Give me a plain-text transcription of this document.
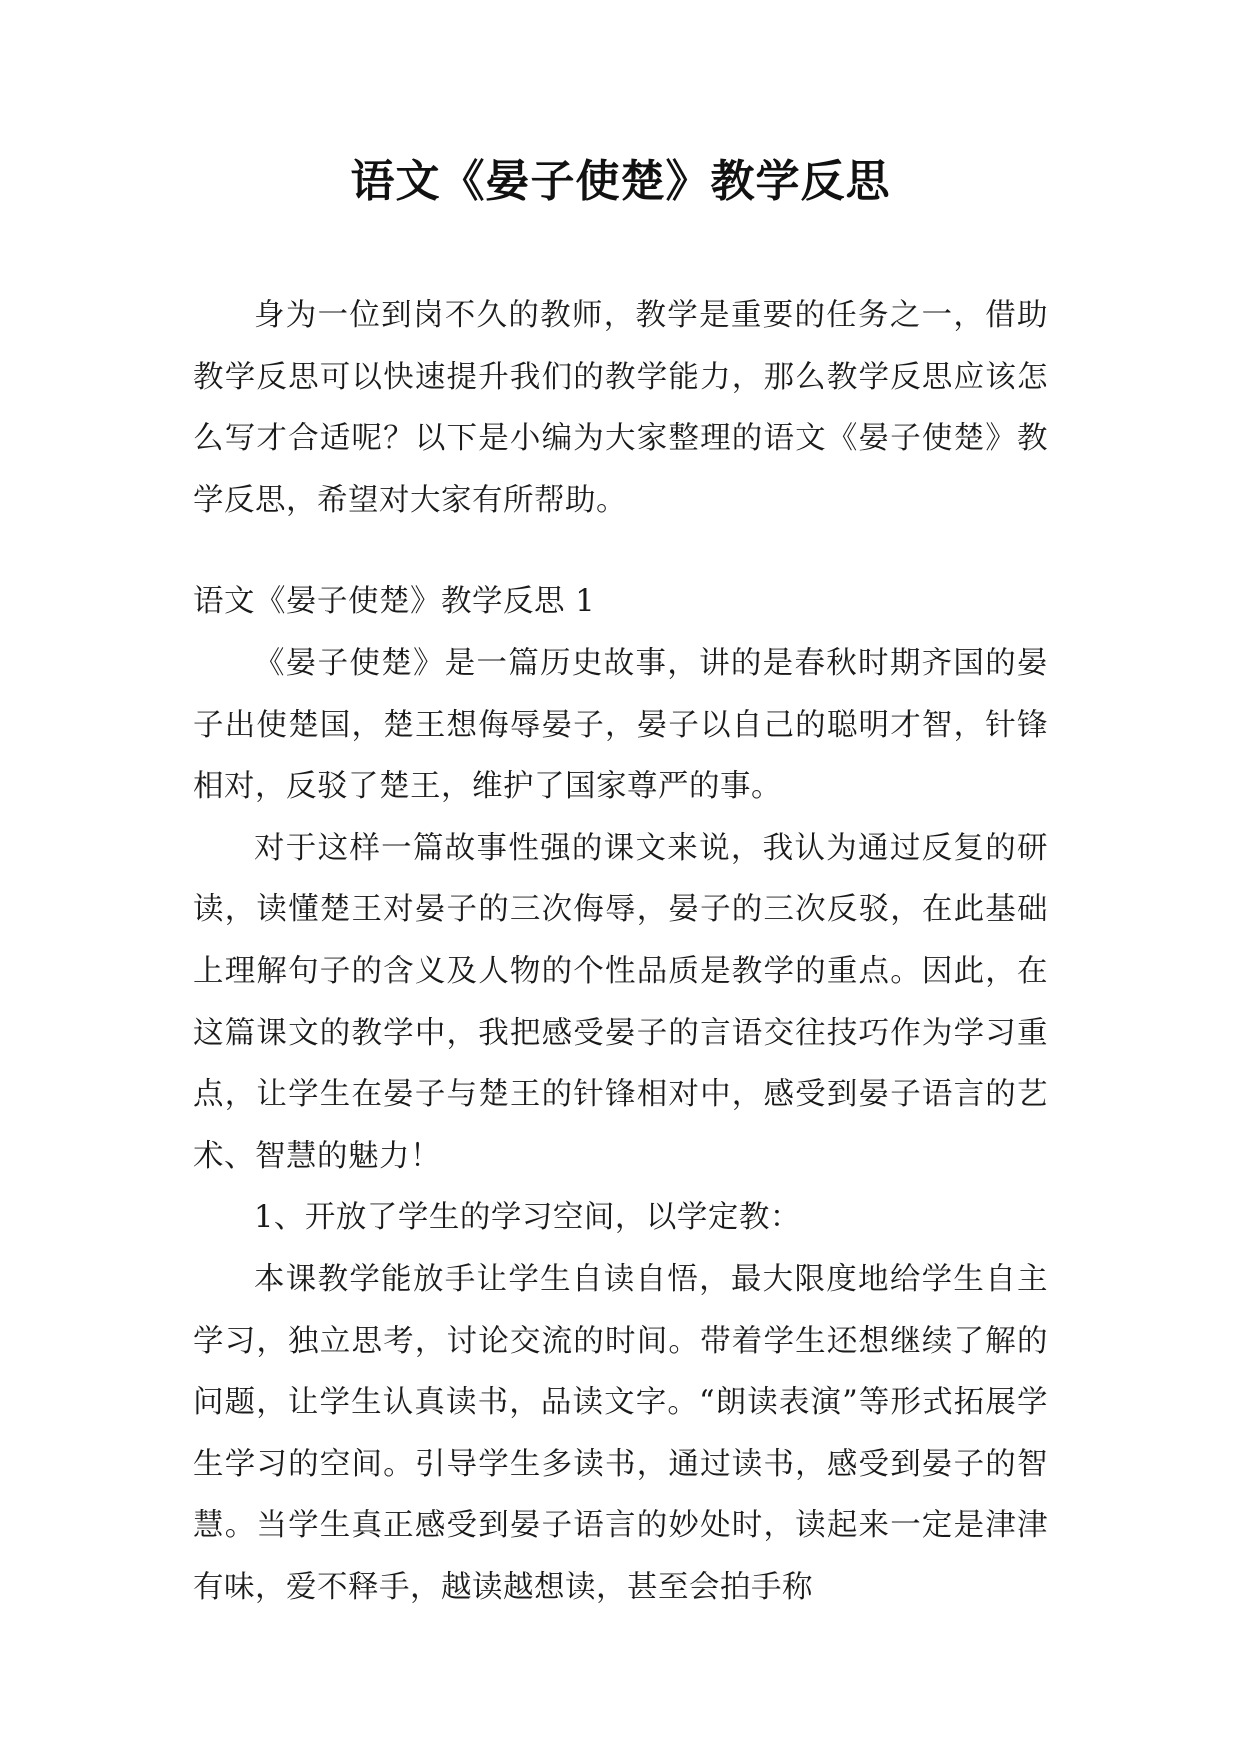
语文《晏子使楚》教学反思

身为一位到岗不久的教师，教学是重要的任务之一，借助教学反思可以快速提升我们的教学能力，那么教学反思应该怎么写才合适呢？以下是小编为大家整理的语文《晏子使楚》教学反思，希望对大家有所帮助。

语文《晏子使楚》教学反思 1

《晏子使楚》是一篇历史故事，讲的是春秋时期齐国的晏子出使楚国，楚王想侮辱晏子，晏子以自己的聪明才智，针锋相对，反驳了楚王，维护了国家尊严的事。

对于这样一篇故事性强的课文来说，我认为通过反复的研读，读懂楚王对晏子的三次侮辱，晏子的三次反驳，在此基础上理解句子的含义及人物的个性品质是教学的重点。因此，在这篇课文的教学中，我把感受晏子的言语交往技巧作为学习重点，让学生在晏子与楚王的针锋相对中，感受到晏子语言的艺术、智慧的魅力！

1、开放了学生的学习空间，以学定教：

本课教学能放手让学生自读自悟，最大限度地给学生自主学习，独立思考，讨论交流的时间。带着学生还想继续了解的问题，让学生认真读书，品读文字。“朗读表演”等形式拓展学生学习的空间。引导学生多读书，通过读书，感受到晏子的智慧。当学生真正感受到晏子语言的妙处时，读起来一定是津津有味，爱不释手，越读越想读，甚至会拍手称
